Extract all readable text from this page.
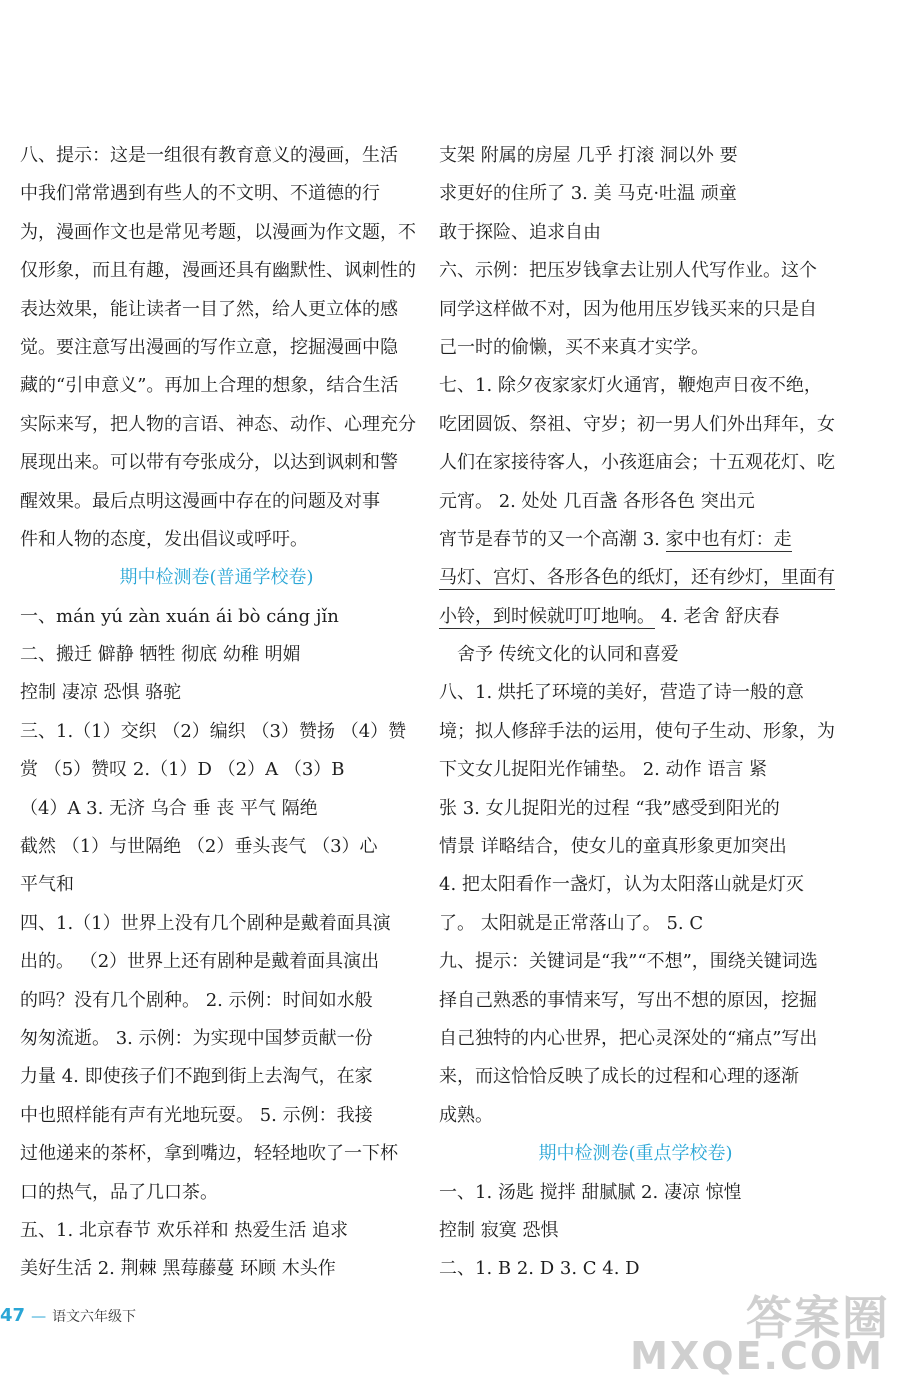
八、提示：这是一组很有教育意义的漫画，生活
中我们常常遇到有些人的不文明、不道德的行
为，漫画作文也是常见考题，以漫画为作文题，不
仅形象，而且有趣，漫画还具有幽默性、讽刺性的
表达效果，能让读者一目了然，给人更立体的感
觉。要注意写出漫画的写作立意，挖掘漫画中隐
藏的“引申意义”。再加上合理的想象，结合生活
实际来写，把人物的言语、神态、动作、心理充分
展现出来。可以带有夸张成分，以达到讽刺和警
醒效果。最后点明这漫画中存在的问题及对事
件和人物的态度，发出倡议或呼吁。
期中检测卷(普通学校卷)
一、mán yú zàn xuán ái bò cáng jǐn
二、搬迁 僻静 牺牲 彻底 幼稚 明媚
控制 凄凉 恐惧 骆驼
三、1.（1）交织 （2）编织 （3）赞扬 （4）赞
赏 （5）赞叹 2.（1）D （2）A （3）B
（4）A 3. 无济 乌合 垂 丧 平气 隔绝
截然 （1）与世隔绝 （2）垂头丧气 （3）心
平气和
四、1.（1）世界上没有几个剧种是戴着面具演
出的。 （2）世界上还有剧种是戴着面具演出
的吗？没有几个剧种。 2. 示例：时间如水般
匆匆流逝。 3. 示例：为实现中国梦贡献一份
力量 4. 即使孩子们不跑到街上去淘气，在家
中也照样能有声有光地玩耍。 5. 示例：我接
过他递来的茶杯，拿到嘴边，轻轻地吹了一下杯
口的热气，品了几口茶。
五、1. 北京春节 欢乐祥和 热爱生活 追求
美好生活 2. 荆棘 黑莓藤蔓 环顾 木头作
支架 附属的房屋 几乎 打滚 洞以外 要
求更好的住所了 3. 美 马克·吐温 顽童
敢于探险、追求自由
六、示例：把压岁钱拿去让别人代写作业。这个
同学这样做不对，因为他用压岁钱买来的只是自
己一时的偷懒，买不来真才实学。
七、1. 除夕夜家家灯火通宵，鞭炮声日夜不绝，
吃团圆饭、祭祖、守岁；初一男人们外出拜年，女
人们在家接待客人，小孩逛庙会；十五观花灯、吃
元宵。 2. 处处 几百盏 各形各色 突出元
宵节是春节的又一个高潮 3. 家中也有灯：走
马灯、宫灯、各形各色的纸灯，还有纱灯，里面有
小铃，到时候就叮叮地响。 4. 老舍 舒庆春
舍予 传统文化的认同和喜爱
八、1. 烘托了环境的美好，营造了诗一般的意
境；拟人修辞手法的运用，使句子生动、形象，为
下文女儿捉阳光作铺垫。 2. 动作 语言 紧
张 3. 女儿捉阳光的过程 “我”感受到阳光的
情景 详略结合，使女儿的童真形象更加突出
4. 把太阳看作一盏灯，认为太阳落山就是灯灭
了。 太阳就是正常落山了。 5. C
九、提示：关键词是“我”“不想”，围绕关键词选
择自己熟悉的事情来写，写出不想的原因，挖掘
自己独特的内心世界，把心灵深处的“痛点”写出
来，而这恰恰反映了成长的过程和心理的逐渐
成熟。
期中检测卷(重点学校卷)
一、1. 汤匙 搅拌 甜腻腻 2. 凄凉 惊惶
控制 寂寞 恐惧
二、1. B 2. D 3. C 4. D
47 — 语文六年级下	答案圈
MXQE.COM
